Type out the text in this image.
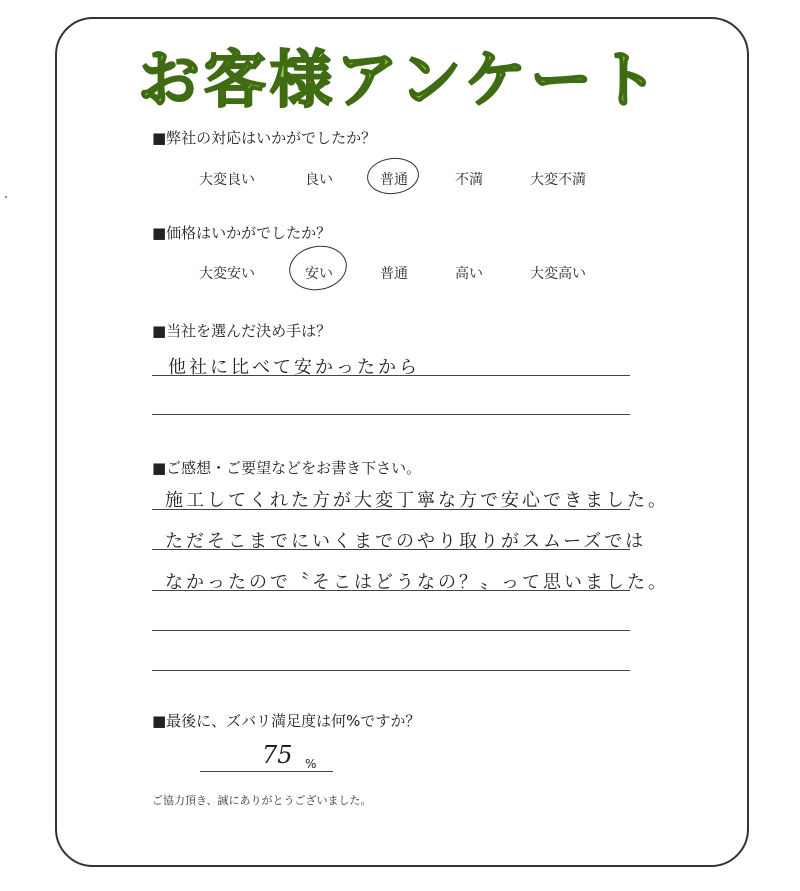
お客様アンケート
■弊社の対応はいかがでしたか？
大変良い	良い	普通	不満	大変不満
■価格はいかがでしたか？
大変安い	安い	普通	高い	大変高い
■当社を選んだ決め手は？
他社に比べて安かったから
■ご感想・ご要望などをお書き下さい。
施工してくれた方が大変丁寧な方で安心できました。
ただそこまでにいくまでのやり取りがスムーズでは
なかったので〝そこはどうなの？〟って思いました。
■最後に、ズバリ満足度は何%ですか？
75 %
ご協力頂き、誠にありがとうございました。
